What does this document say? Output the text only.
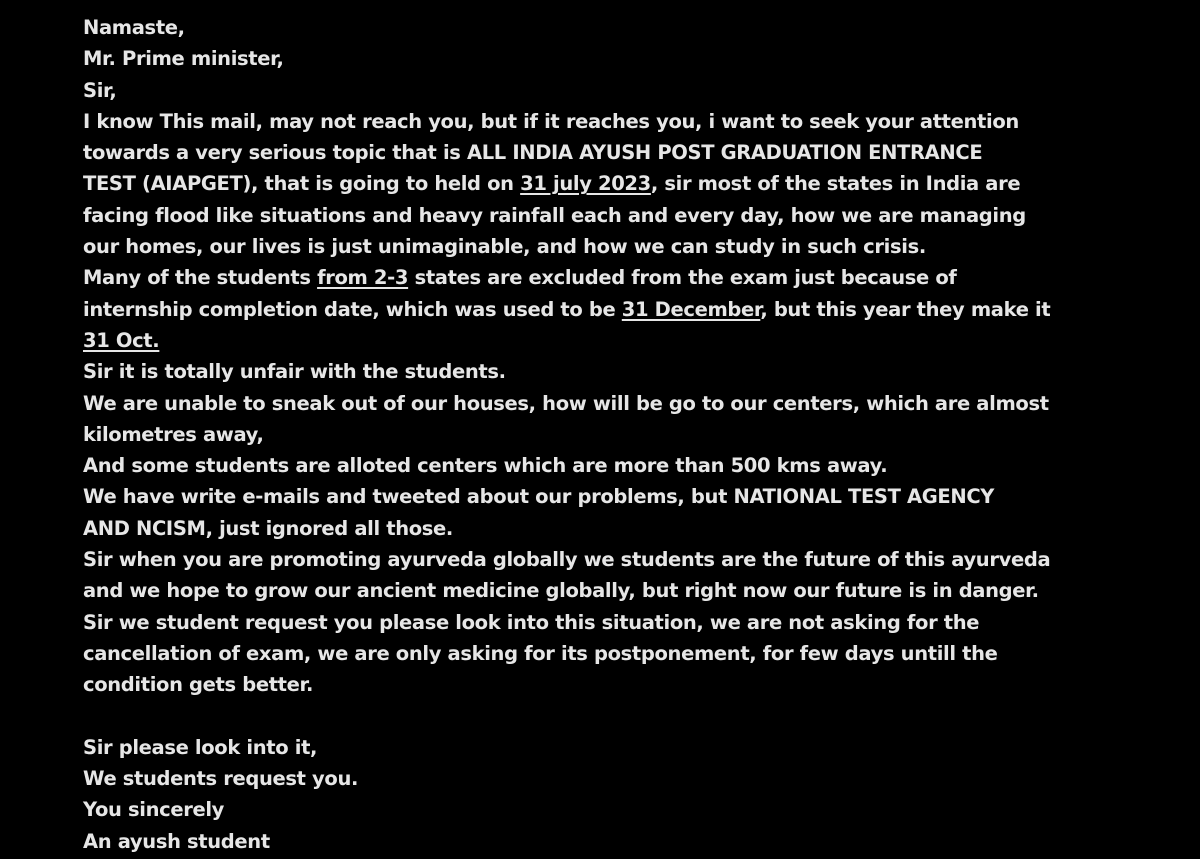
Namaste,
Mr. Prime minister,
Sir,
I know This mail, may not reach you, but if it reaches you, i want to seek your attention
towards a very serious topic that is ALL INDIA AYUSH POST GRADUATION ENTRANCE
TEST (AIAPGET), that is going to held on 31 july 2023, sir most of the states in India are
facing flood like situations and heavy rainfall each and every day, how we are managing
our homes, our lives is just unimaginable, and how we can study in such crisis.
Many of the students from 2-3 states are excluded from the exam just because of
internship completion date, which was used to be 31 December, but this year they make it
31 Oct.
Sir it is totally unfair with the students.
We are unable to sneak out of our houses, how will be go to our centers, which are almost
kilometres away,
And some students are alloted centers which are more than 500 kms away.
We have write e-mails and tweeted about our problems, but NATIONAL TEST AGENCY
AND NCISM, just ignored all those.
Sir when you are promoting ayurveda globally we students are the future of this ayurveda
and we hope to grow our ancient medicine globally, but right now our future is in danger.
Sir we student request you please look into this situation, we are not asking for the
cancellation of exam, we are only asking for its postponement, for few days untill the
condition gets better.
Sir please look into it,
We students request you.
You sincerely
An ayush student
